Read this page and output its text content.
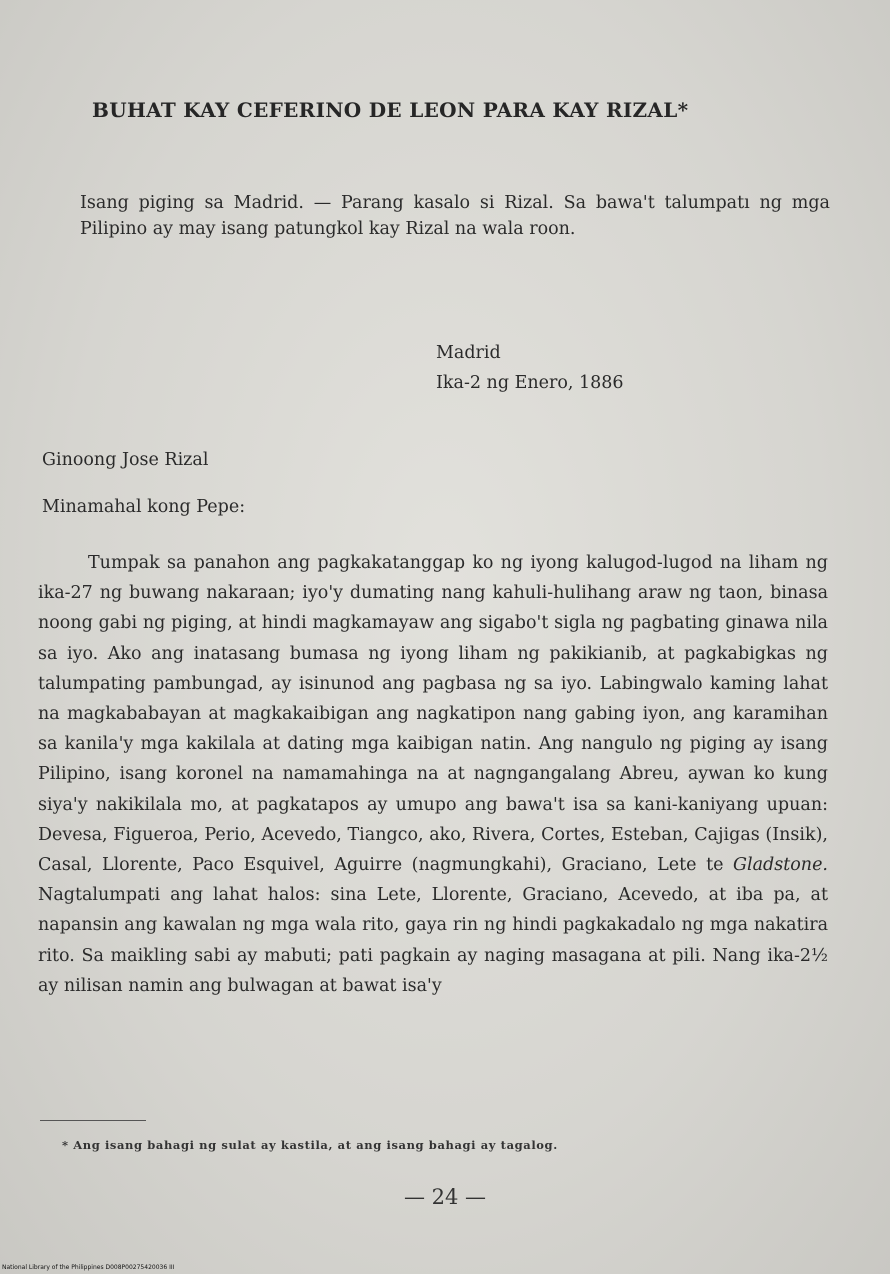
BUHAT KAY CEFERINO DE LEON PARA KAY RIZAL*
Isang piging sa Madrid. — Parang kasalo si Rizal. Sa bawa't talumpatı ng mga Pilipino ay may isang patungkol kay Rizal na wala roon.
Madrid
Ika-2 ng Enero, 1886
Ginoong Jose Rizal
Minamahal kong Pepe:
Tumpak sa panahon ang pagkakatanggap ko ng iyong kalugod-lugod na liham ng ika-27 ng buwang nakaraan; iyo'y dumating nang kahuli-hulihang araw ng taon, binasa noong gabi ng piging, at hindi magkamayaw ang sigabo't sigla ng pagbating ginawa nila sa iyo. Ako ang inatasang bumasa ng iyong liham ng pakikianib, at pagkabigkas ng talumpating pambungad, ay isinunod ang pagbasa ng sa iyo. Labingwalo kaming lahat na magkababayan at magkakaibigan ang nagkatipon nang gabing iyon, ang karamihan sa kanila'y mga kakilala at dating mga kaibigan natin. Ang nangulo ng piging ay isang Pilipino, isang koronel na namamahinga na at nagngangalang Abreu, aywan ko kung siya'y nakikilala mo, at pagkatapos ay umupo ang bawa't isa sa kani-kaniyang upuan: Devesa, Figueroa, Perio, Acevedo, Tiangco, ako, Rivera, Cortes, Esteban, Cajigas (Insik), Casal, Llorente, Paco Esquivel, Aguirre (nagmungkahi), Graciano, Lete te Gladstone. Nagtalumpati ang lahat halos: sina Lete, Llorente, Graciano, Acevedo, at iba pa, at napansin ang kawalan ng mga wala rito, gaya rin ng hindi pagkakadalo ng mga nakatira rito. Sa maikling sabi ay mabuti; pati pagkain ay naging masagana at pili. Nang ika-2½ ay nilisan namin ang bulwagan at bawat isa'y
* Ang isang bahagi ng sulat ay kastila, at ang isang bahagi ay tagalog.
— 24 —
National Library of the Philippines D008P00275420036 III
